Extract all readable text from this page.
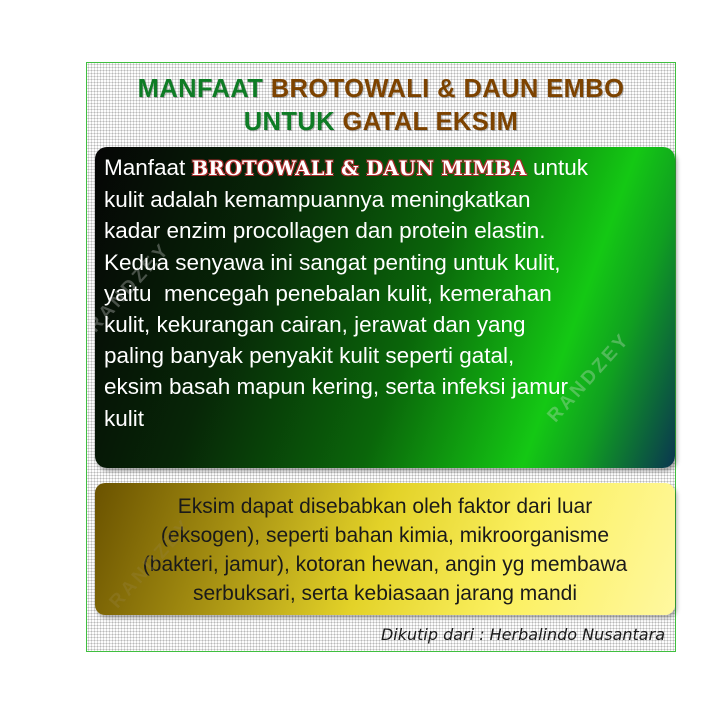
MANFAAT BROTOWALI & DAUN EMBO
UNTUK GATAL EKSIM
Manfaat BROTOWALI & DAUN MIMBA untuk
kulit adalah kemampuannya meningkatkan
kadar enzim procollagen dan protein elastin.
Kedua senyawa ini sangat penting untuk kulit,
yaitu  mencegah penebalan kulit, kemerahan
kulit, kekurangan cairan, jerawat dan yang
paling banyak penyakit kulit seperti gatal,
eksim basah mapun kering, serta infeksi jamur
kulit
Eksim dapat disebabkan oleh faktor dari luar
(eksogen), seperti bahan kimia, mikroorganisme
(bakteri, jamur), kotoran hewan, angin yg membawa
serbuksari, serta kebiasaan jarang mandi
Dikutip dari : Herbalindo Nusantara
RANDZEY
RANDZEY
RANDZEY
